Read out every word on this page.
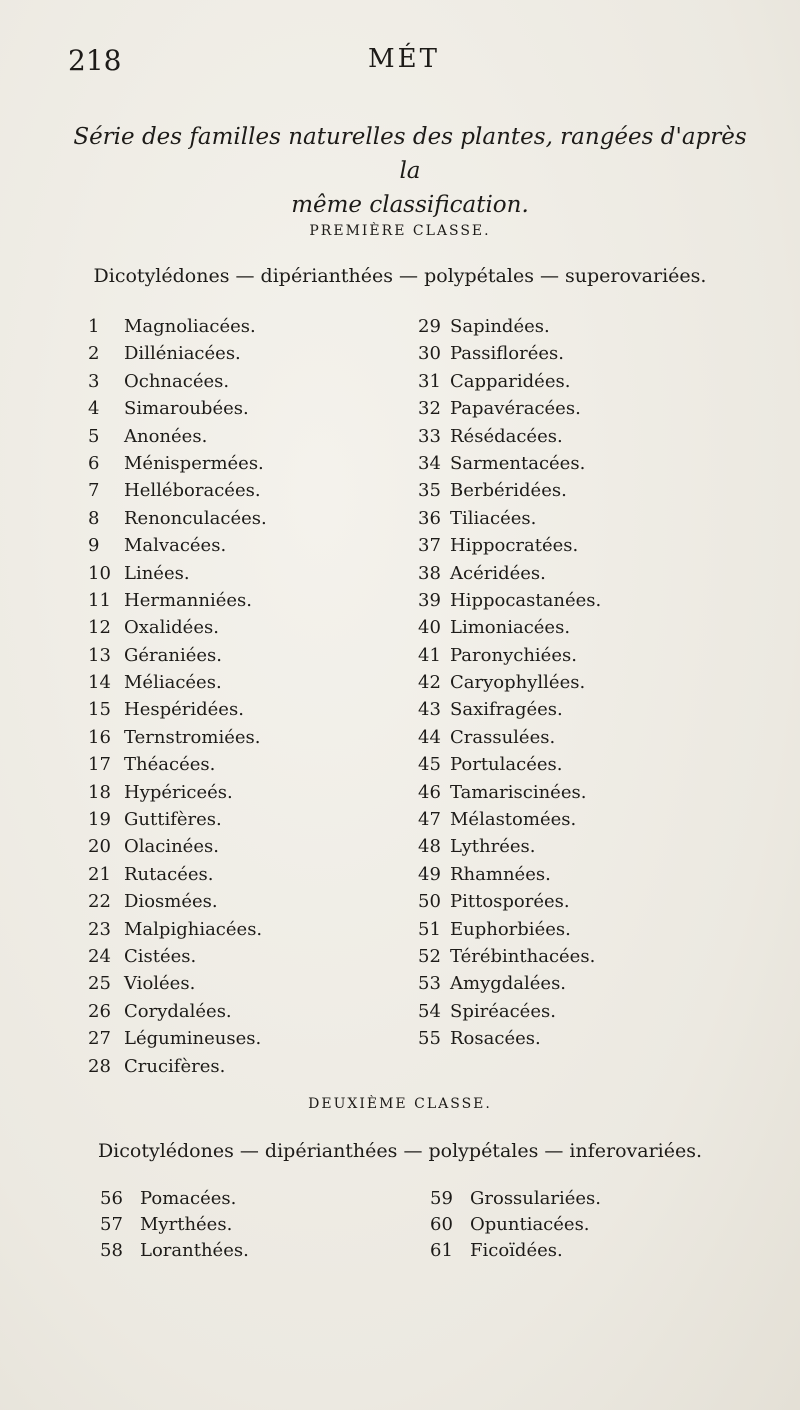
218	MÉT
Série des familles naturelles des plantes, rangées d'après la
même classification.
PREMIÈRE CLASSE.
Dicotylédones — dipérianthées — polypétales — superovariées.
1 Magnoliacées.
2 Dilléniacées.
3 Ochnacées.
4 Simaroubées.
5 Anonées.
6 Ménispermées.
7 Helléboracées.
8 Renonculacées.
9 Malvacées.
10 Linées.
11 Hermanniées.
12 Oxalidées.
13 Géraniées.
14 Méliacées.
15 Hespéridées.
16 Ternstromiées.
17 Théacées.
18 Hypériceés.
19 Guttifères.
20 Olacinées.
21 Rutacées.
22 Diosmées.
23 Malpighiacées.
24 Cistées.
25 Violées.
26 Corydalées.
27 Légumineuses.
28 Crucifères.
29 Sapindées.
30 Passiflorées.
31 Capparidées.
32 Papavéracées.
33 Résédacées.
34 Sarmentacées.
35 Berbéridées.
36 Tiliacées.
37 Hippocratées.
38 Acéridées.
39 Hippocastanées.
40 Limoniacées.
41 Paronychiées.
42 Caryophyllées.
43 Saxifragées.
44 Crassulées.
45 Portulacées.
46 Tamariscinées.
47 Mélastomées.
48 Lythrées.
49 Rhamnées.
50 Pittosporées.
51 Euphorbiées.
52 Térébinthacées.
53 Amygdalées.
54 Spiréacées.
55 Rosacées.
DEUXIÈME CLASSE.
Dicotylédones — dipérianthées — polypétales — inferovariées.
56 Pomacées.
57 Myrthées.
58 Loranthées.
59 Grossulariées.
60 Opuntiacées.
61 Ficoïdées.
